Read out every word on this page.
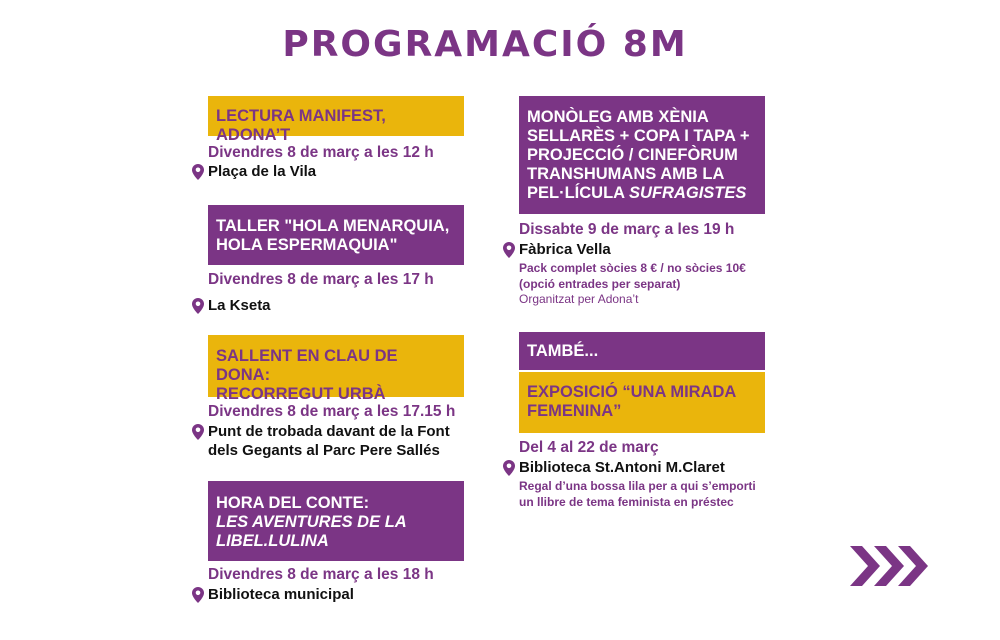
PROGRAMACIÓ 8M
LECTURA MANIFEST, ADONA’T
Divendres 8 de març a les 12 h
Plaça de la Vila
TALLER "HOLA MENARQUIA,
HOLA ESPERMAQUIA"
Divendres 8 de març a les 17 h
La Kseta
SALLENT EN CLAU DE DONA:
RECORREGUT URBÀ
Divendres 8 de març a les 17.15 h
Punt de trobada davant de la Font
dels Gegants al Parc Pere Sallés
HORA DEL CONTE:
LES AVENTURES DE LA
LIBEL.LULINA
Divendres 8 de març a les 18 h
Biblioteca municipal
MONÒLEG AMB XÈNIA
SELLARÈS + COPA I TAPA +
PROJECCIÓ / CINEFÒRUM
TRANSHUMANS AMB LA
PEL·LÍCULA SUFRAGISTES
Dissabte 9 de març a les 19 h
Fàbrica Vella
Pack complet sòcies 8 € / no sòcies 10€
(opció entrades per separat)
Organitzat per Adona’t
TAMBÉ...
EXPOSICIÓ “UNA MIRADA
FEMENINA”
Del 4 al 22 de març
Biblioteca St.Antoni M.Claret
Regal d’una bossa lila per a qui s’emporti
un llibre de tema feminista en préstec
